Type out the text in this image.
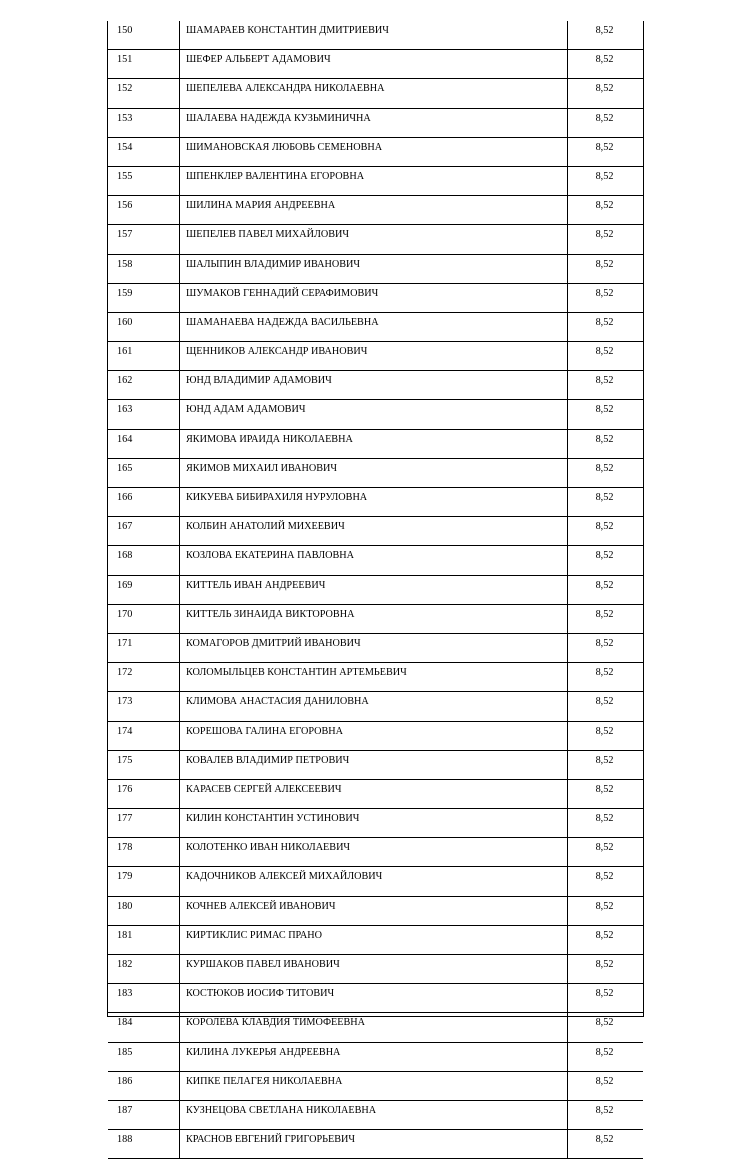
150	ШАМАРАЕВ КОНСТАНТИН ДМИТРИЕВИЧ	8,52
151	ШЕФЕР АЛЬБЕРТ АДАМОВИЧ	8,52
152	ШЕПЕЛЕВА АЛЕКСАНДРА НИКОЛАЕВНА	8,52
153	ШАЛАЕВА НАДЕЖДА КУЗЬМИНИЧНА	8,52
154	ШИМАНОВСКАЯ ЛЮБОВЬ СЕМЕНОВНА	8,52
155	ШПЕНКЛЕР ВАЛЕНТИНА ЕГОРОВНА	8,52
156	ШИЛИНА МАРИЯ АНДРЕЕВНА	8,52
157	ШЕПЕЛЕВ ПАВЕЛ МИХАЙЛОВИЧ	8,52
158	ШАЛЫПИН ВЛАДИМИР ИВАНОВИЧ	8,52
159	ШУМАКОВ ГЕННАДИЙ СЕРАФИМОВИЧ	8,52
160	ШАМАНАЕВА НАДЕЖДА ВАСИЛЬЕВНА	8,52
161	ЩЕННИКОВ АЛЕКСАНДР ИВАНОВИЧ	8,52
162	ЮНД ВЛАДИМИР АДАМОВИЧ	8,52
163	ЮНД АДАМ АДАМОВИЧ	8,52
164	ЯКИМОВА ИРАИДА НИКОЛАЕВНА	8,52
165	ЯКИМОВ МИХАИЛ ИВАНОВИЧ	8,52
166	КИКУЕВА БИБИРАХИЛЯ НУРУЛОВНА	8,52
167	КОЛБИН АНАТОЛИЙ МИХЕЕВИЧ	8,52
168	КОЗЛОВА ЕКАТЕРИНА ПАВЛОВНА	8,52
169	КИТТЕЛЬ ИВАН АНДРЕЕВИЧ	8,52
170	КИТТЕЛЬ ЗИНАИДА ВИКТОРОВНА	8,52
171	КОМАГОРОВ ДМИТРИЙ ИВАНОВИЧ	8,52
172	КОЛОМЫЛЬЦЕВ КОНСТАНТИН АРТЕМЬЕВИЧ	8,52
173	КЛИМОВА АНАСТАСИЯ ДАНИЛОВНА	8,52
174	КОРЕШОВА ГАЛИНА ЕГОРОВНА	8,52
175	КОВАЛЕВ ВЛАДИМИР ПЕТРОВИЧ	8,52
176	КАРАСЕВ СЕРГЕЙ АЛЕКСЕЕВИЧ	8,52
177	КИЛИН КОНСТАНТИН УСТИНОВИЧ	8,52
178	КОЛОТЕНКО ИВАН НИКОЛАЕВИЧ	8,52
179	КАДОЧНИКОВ АЛЕКСЕЙ МИХАЙЛОВИЧ	8,52
180	КОЧНЕВ АЛЕКСЕЙ ИВАНОВИЧ	8,52
181	КИРТИКЛИС РИМАС ПРАНО	8,52
182	КУРШАКОВ ПАВЕЛ ИВАНОВИЧ	8,52
183	КОСТЮКОВ ИОСИФ ТИТОВИЧ	8,52
184	КОРОЛЕВА КЛАВДИЯ ТИМОФЕЕВНА	8,52
185	КИЛИНА ЛУКЕРЬЯ АНДРЕЕВНА	8,52
186	КИПКЕ ПЕЛАГЕЯ НИКОЛАЕВНА	8,52
187	КУЗНЕЦОВА СВЕТЛАНА НИКОЛАЕВНА	8,52
188	КРАСНОВ ЕВГЕНИЙ ГРИГОРЬЕВИЧ	8,52
